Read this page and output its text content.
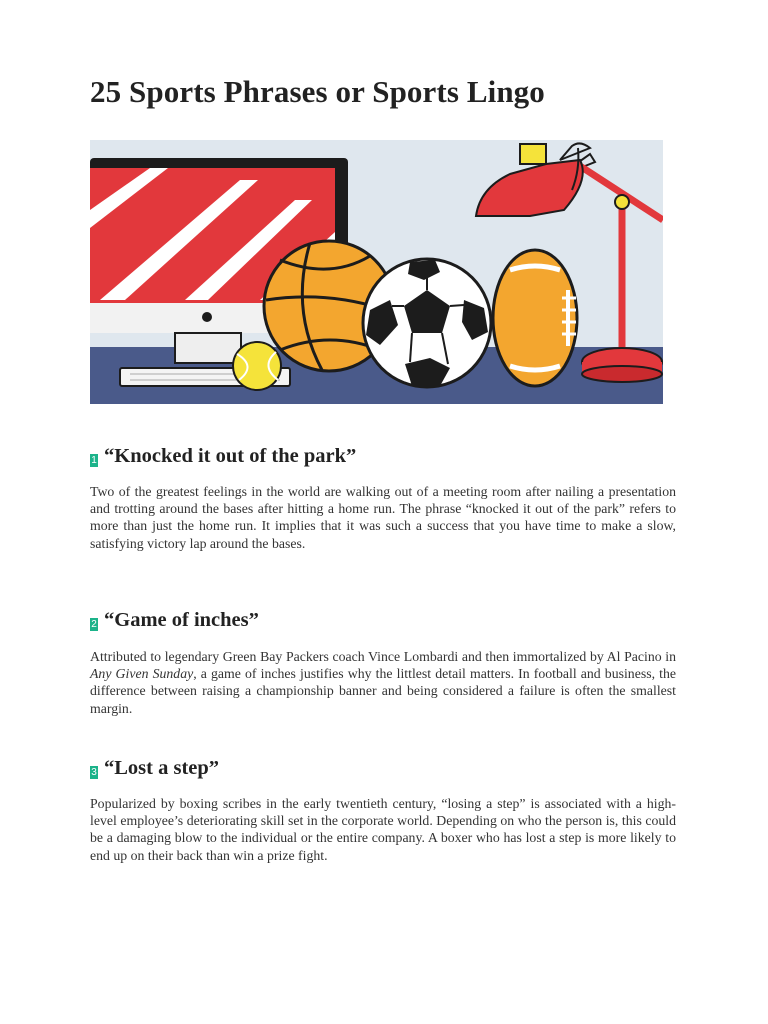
25 Sports Phrases or Sports Lingo
1 “Knocked it out of the park”

Two of the greatest feelings in the world are walking out of a meeting room after nailing a presentation and trotting around the bases after hitting a home run. The phrase “knocked it out of the park” refers to more than just the home run. It implies that it was such a success that you have time to make a slow, satisfying victory lap around the bases.

2 “Game of inches”

Attributed to legendary Green Bay Packers coach Vince Lombardi and then immortalized by Al Pacino in Any Given Sunday, a game of inches justifies why the littlest detail matters. In football and business, the difference between raising a championship banner and being considered a failure is often the smallest margin.

3 “Lost a step”

Popularized by boxing scribes in the early twentieth century, “losing a step” is associated with a high-level employee’s deteriorating skill set in the corporate world. Depending on who the person is, this could be a damaging blow to the individual or the entire company. A boxer who has lost a step is more likely to end up on their back than win a prize fight.
